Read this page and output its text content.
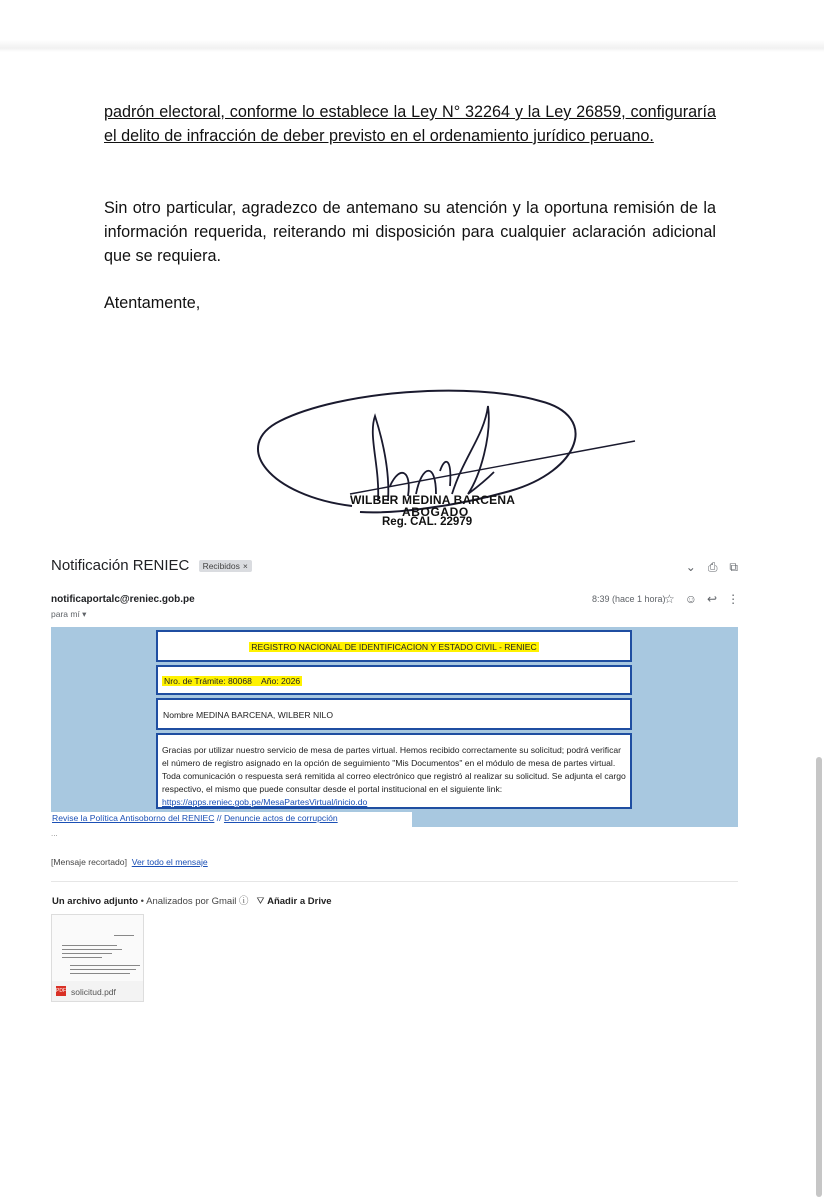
padrón electoral, conforme lo establece la Ley N° 32264 y la Ley 26859, configuraría el delito de infracción de deber previsto en el ordenamiento jurídico peruano.
Sin otro particular, agradezco de antemano su atención y la oportuna remisión de la información requerida, reiterando mi disposición para cualquier aclaración adicional que se requiera.
Atentamente,
WILBER MEDINA BARCENA
ABOGADO
Reg. CAL. 22979
Notificación RENIEC Recibidos ×	⌄ ⎙ ⧉
notificaportalc@reniec.gob.pe
para mí ▾
8:39 (hace 1 hora)
☆ ☺ ↩ ⋮
REGISTRO NACIONAL DE IDENTIFICACION Y ESTADO CIVIL - RENIEC
Nro. de Trámite: 80068    Año: 2026
Nombre MEDINA BARCENA, WILBER NILO
Gracias por utilizar nuestro servicio de mesa de partes virtual. Hemos recibido correctamente su solicitud; podrá verificar el número de registro asignado en la opción de seguimiento "Mis Documentos" en el módulo de mesa de partes virtual. Toda comunicación o respuesta será remitida al correo electrónico que registró al realizar su solicitud. Se adjunta el cargo respectivo, el mismo que puede consultar desde el portal institucional en el siguiente link:
https://apps.reniec.gob.pe/MesaPartesVirtual/inicio.do
Revise la Política Antisoborno del RENIEC // Denuncie actos de corrupción
...
[Mensaje recortado] Ver todo el mensaje
Un archivo adjunto • Analizados por Gmail ⓘ ⛛ Añadir a Drive
PDF solicitud.pdf
